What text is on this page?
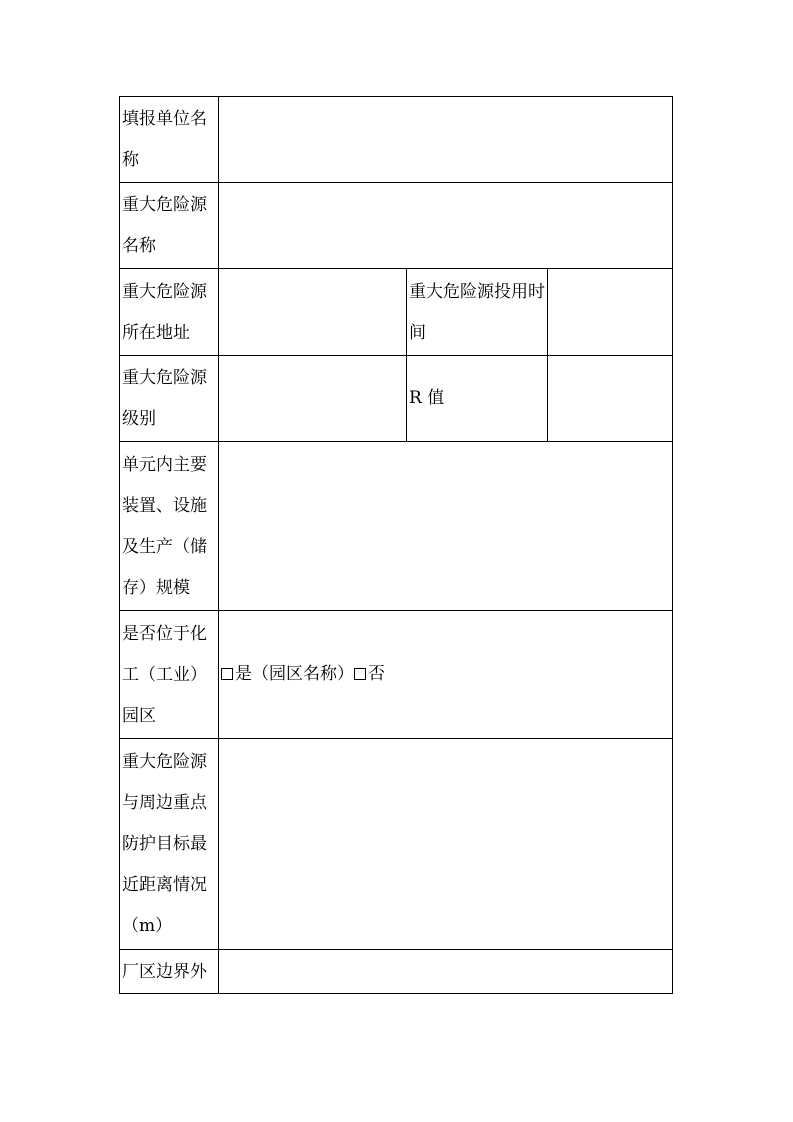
填报单位名称			

重大危险源名称			

重大危险源所在地址		重大危险源投用时间	

重大危险源级别		R 值	

单元内主要装置、设施及生产（储存）规模			

是否位于化工（工业）园区	是（园区名称） 否		

重大危险源与周边重点防护目标最近距离情况（m）			

厂区边界外			
